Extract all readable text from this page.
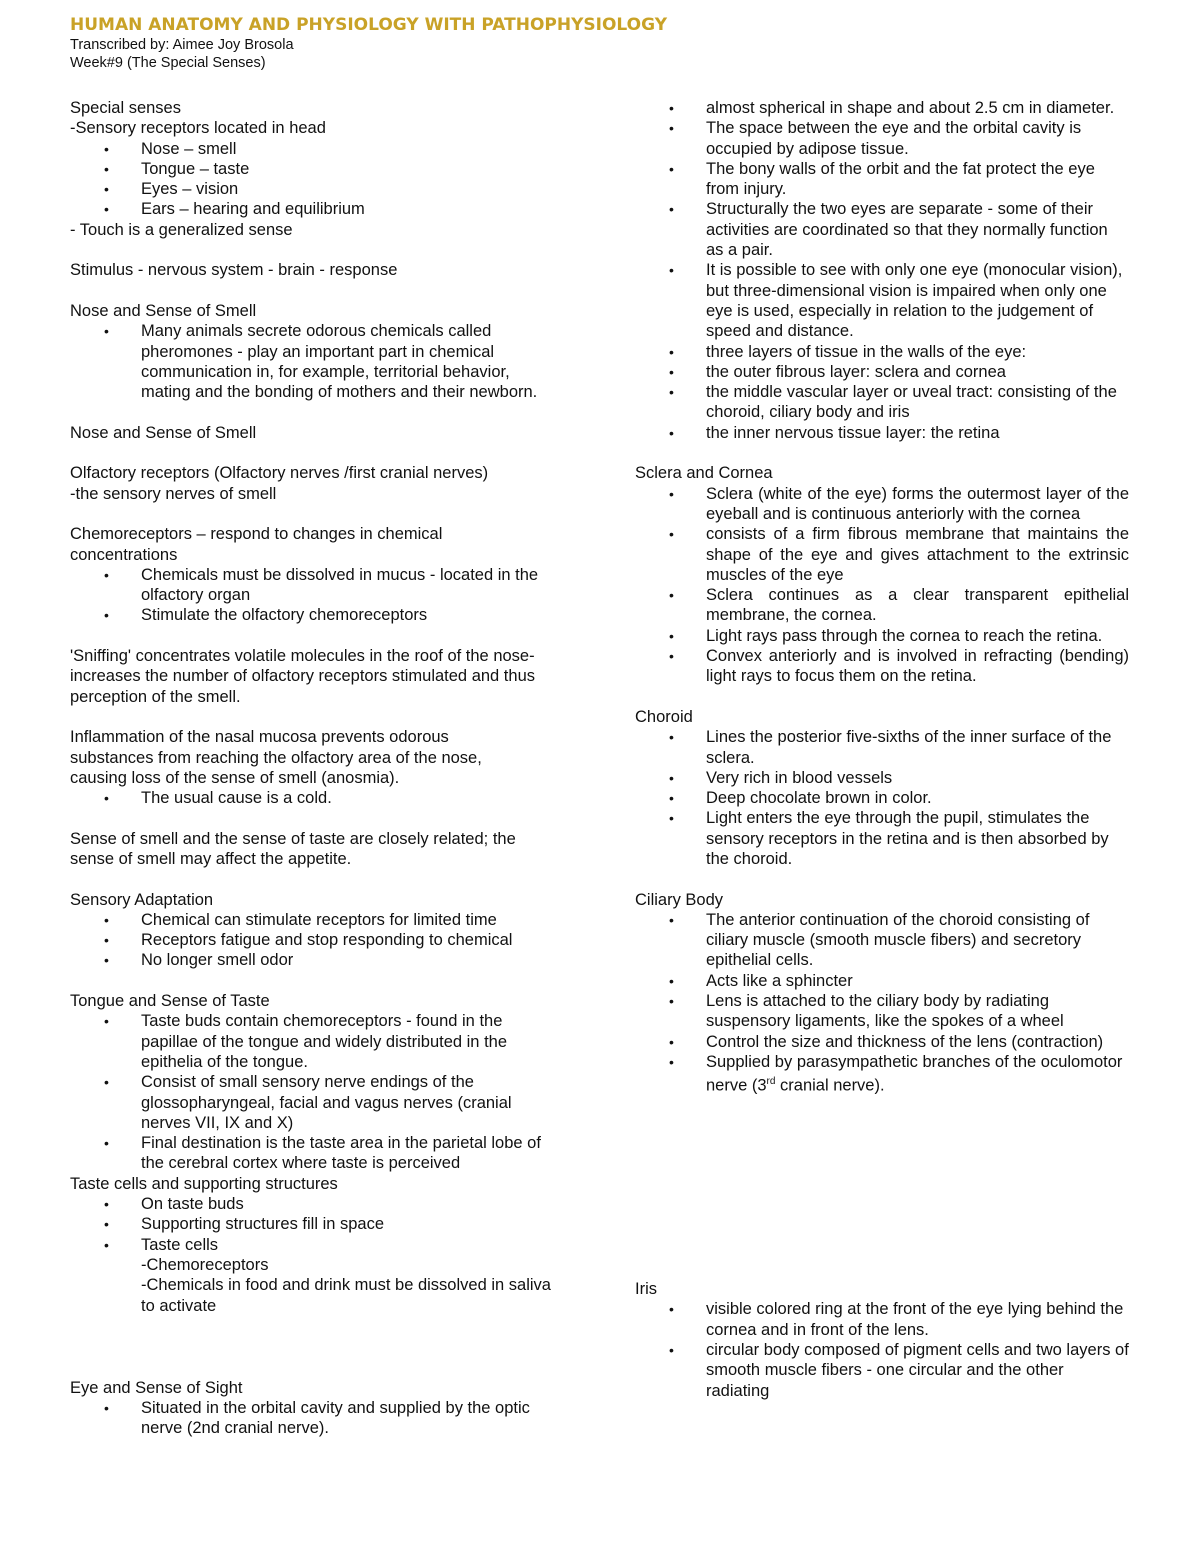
HUMAN ANATOMY AND PHYSIOLOGY WITH PATHOPHYSIOLOGY
Transcribed by: Aimee Joy Brosola
Week#9 (The Special Senses)
Special senses
-Sensory receptors located in head
• Nose – smell
• Tongue – taste
• Eyes – vision
• Ears – hearing and equilibrium
- Touch is a generalized sense
Stimulus - nervous system - brain - response
Nose and Sense of Smell
• Many animals secrete odorous chemicals called pheromones - play an important part in chemical communication in, for example, territorial behavior, mating and the bonding of mothers and their newborn.
Nose and Sense of Smell
Olfactory receptors (Olfactory nerves /first cranial nerves)
-the sensory nerves of smell
Chemoreceptors – respond to changes in chemical concentrations
• Chemicals must be dissolved in mucus - located in the olfactory organ
• Stimulate the olfactory chemoreceptors
'Sniffing' concentrates volatile molecules in the roof of the nose- increases the number of olfactory receptors stimulated and thus perception of the smell.
Inflammation of the nasal mucosa prevents odorous substances from reaching the olfactory area of the nose, causing loss of the sense of smell (anosmia).
• The usual cause is a cold.
Sense of smell and the sense of taste are closely related; the sense of smell may affect the appetite.
Sensory Adaptation
• Chemical can stimulate receptors for limited time
• Receptors fatigue and stop responding to chemical
• No longer smell odor
Tongue and Sense of Taste
• Taste buds contain chemoreceptors - found in the papillae of the tongue and widely distributed in the epithelia of the tongue.
• Consist of small sensory nerve endings of the glossopharyngeal, facial and vagus nerves (cranial nerves VII, IX and X)
• Final destination is the taste area in the parietal lobe of the cerebral cortex where taste is perceived
Taste cells and supporting structures
• On taste buds
• Supporting structures fill in space
• Taste cells
-Chemoreceptors
-Chemicals in food and drink must be dissolved in saliva to activate
Eye and Sense of Sight
• Situated in the orbital cavity and supplied by the optic nerve (2nd cranial nerve).
• almost spherical in shape and about 2.5 cm in diameter.
• The space between the eye and the orbital cavity is occupied by adipose tissue.
• The bony walls of the orbit and the fat protect the eye from injury.
• Structurally the two eyes are separate - some of their activities are coordinated so that they normally function as a pair.
• It is possible to see with only one eye (monocular vision), but three-dimensional vision is impaired when only one eye is used, especially in relation to the judgement of speed and distance.
• three layers of tissue in the walls of the eye:
• the outer fibrous layer: sclera and cornea
• the middle vascular layer or uveal tract: consisting of the choroid, ciliary body and iris
• the inner nervous tissue layer: the retina
Sclera and Cornea
• Sclera (white of the eye) forms the outermost layer of the eyeball and is continuous anteriorly with the cornea
• consists of a firm fibrous membrane that maintains the shape of the eye and gives attachment to the extrinsic muscles of the eye
• Sclera continues as a clear transparent epithelial membrane, the cornea.
• Light rays pass through the cornea to reach the retina.
• Convex anteriorly and is involved in refracting (bending) light rays to focus them on the retina.
Choroid
• Lines the posterior five-sixths of the inner surface of the sclera.
• Very rich in blood vessels
• Deep chocolate brown in color.
• Light enters the eye through the pupil, stimulates the sensory receptors in the retina and is then absorbed by the choroid.
Ciliary Body
• The anterior continuation of the choroid consisting of ciliary muscle (smooth muscle fibers) and secretory epithelial cells.
• Acts like a sphincter
• Lens is attached to the ciliary body by radiating suspensory ligaments, like the spokes of a wheel
• Control the size and thickness of the lens (contraction)
• Supplied by parasympathetic branches of the oculomotor nerve (3rd cranial nerve).
Iris
• visible colored ring at the front of the eye lying behind the cornea and in front of the lens.
• circular body composed of pigment cells and two layers of smooth muscle fibers - one circular and the other radiating
